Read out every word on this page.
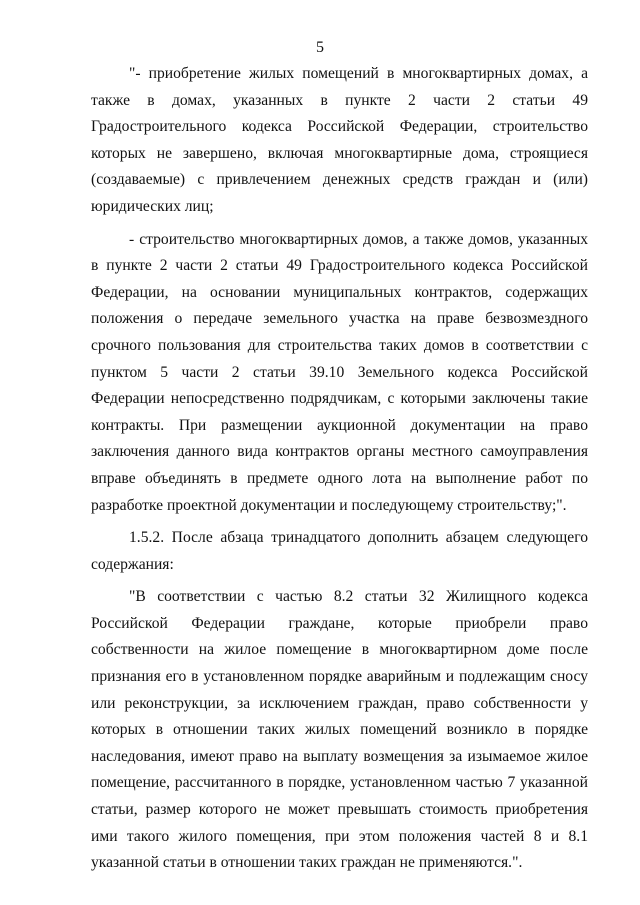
5

"- приобретение жилых помещений в многоквартирных домах, а также в домах, указанных в пункте 2 части 2 статьи 49 Градостроительного кодекса Российской Федерации, строительство которых не завершено, включая многоквартирные дома, строящиеся (создаваемые) с привлечением денежных средств граждан и (или) юридических лиц;

- строительство многоквартирных домов, а также домов, указанных в пункте 2 части 2 статьи 49 Градостроительного кодекса Российской Федерации, на основании муниципальных контрактов, содержащих положения о передаче земельного участка на праве безвозмездного срочного пользования для строительства таких домов в соответствии с пунктом 5 части 2 статьи 39.10 Земельного кодекса Российской Федерации непосредственно подрядчикам, с которыми заключены такие контракты. При размещении аукционной документации на право заключения данного вида контрактов органы местного самоуправления вправе объединять в предмете одного лота на выполнение работ по разработке проектной документации и последующему строительству;".

1.5.2. После абзаца тринадцатого дополнить абзацем следующего содержания:

"В соответствии с частью 8.2 статьи 32 Жилищного кодекса Российской Федерации граждане, которые приобрели право собственности на жилое помещение в многоквартирном доме после признания его в установленном порядке аварийным и подлежащим сносу или реконструкции, за исключением граждан, право собственности у которых в отношении таких жилых помещений возникло в порядке наследования, имеют право на выплату возмещения за изымаемое жилое помещение, рассчитанного в порядке, установленном частью 7 указанной статьи, размер которого не может превышать стоимость приобретения ими такого жилого помещения, при этом положения частей 8 и 8.1 указанной статьи в отношении таких граждан не применяются.".
